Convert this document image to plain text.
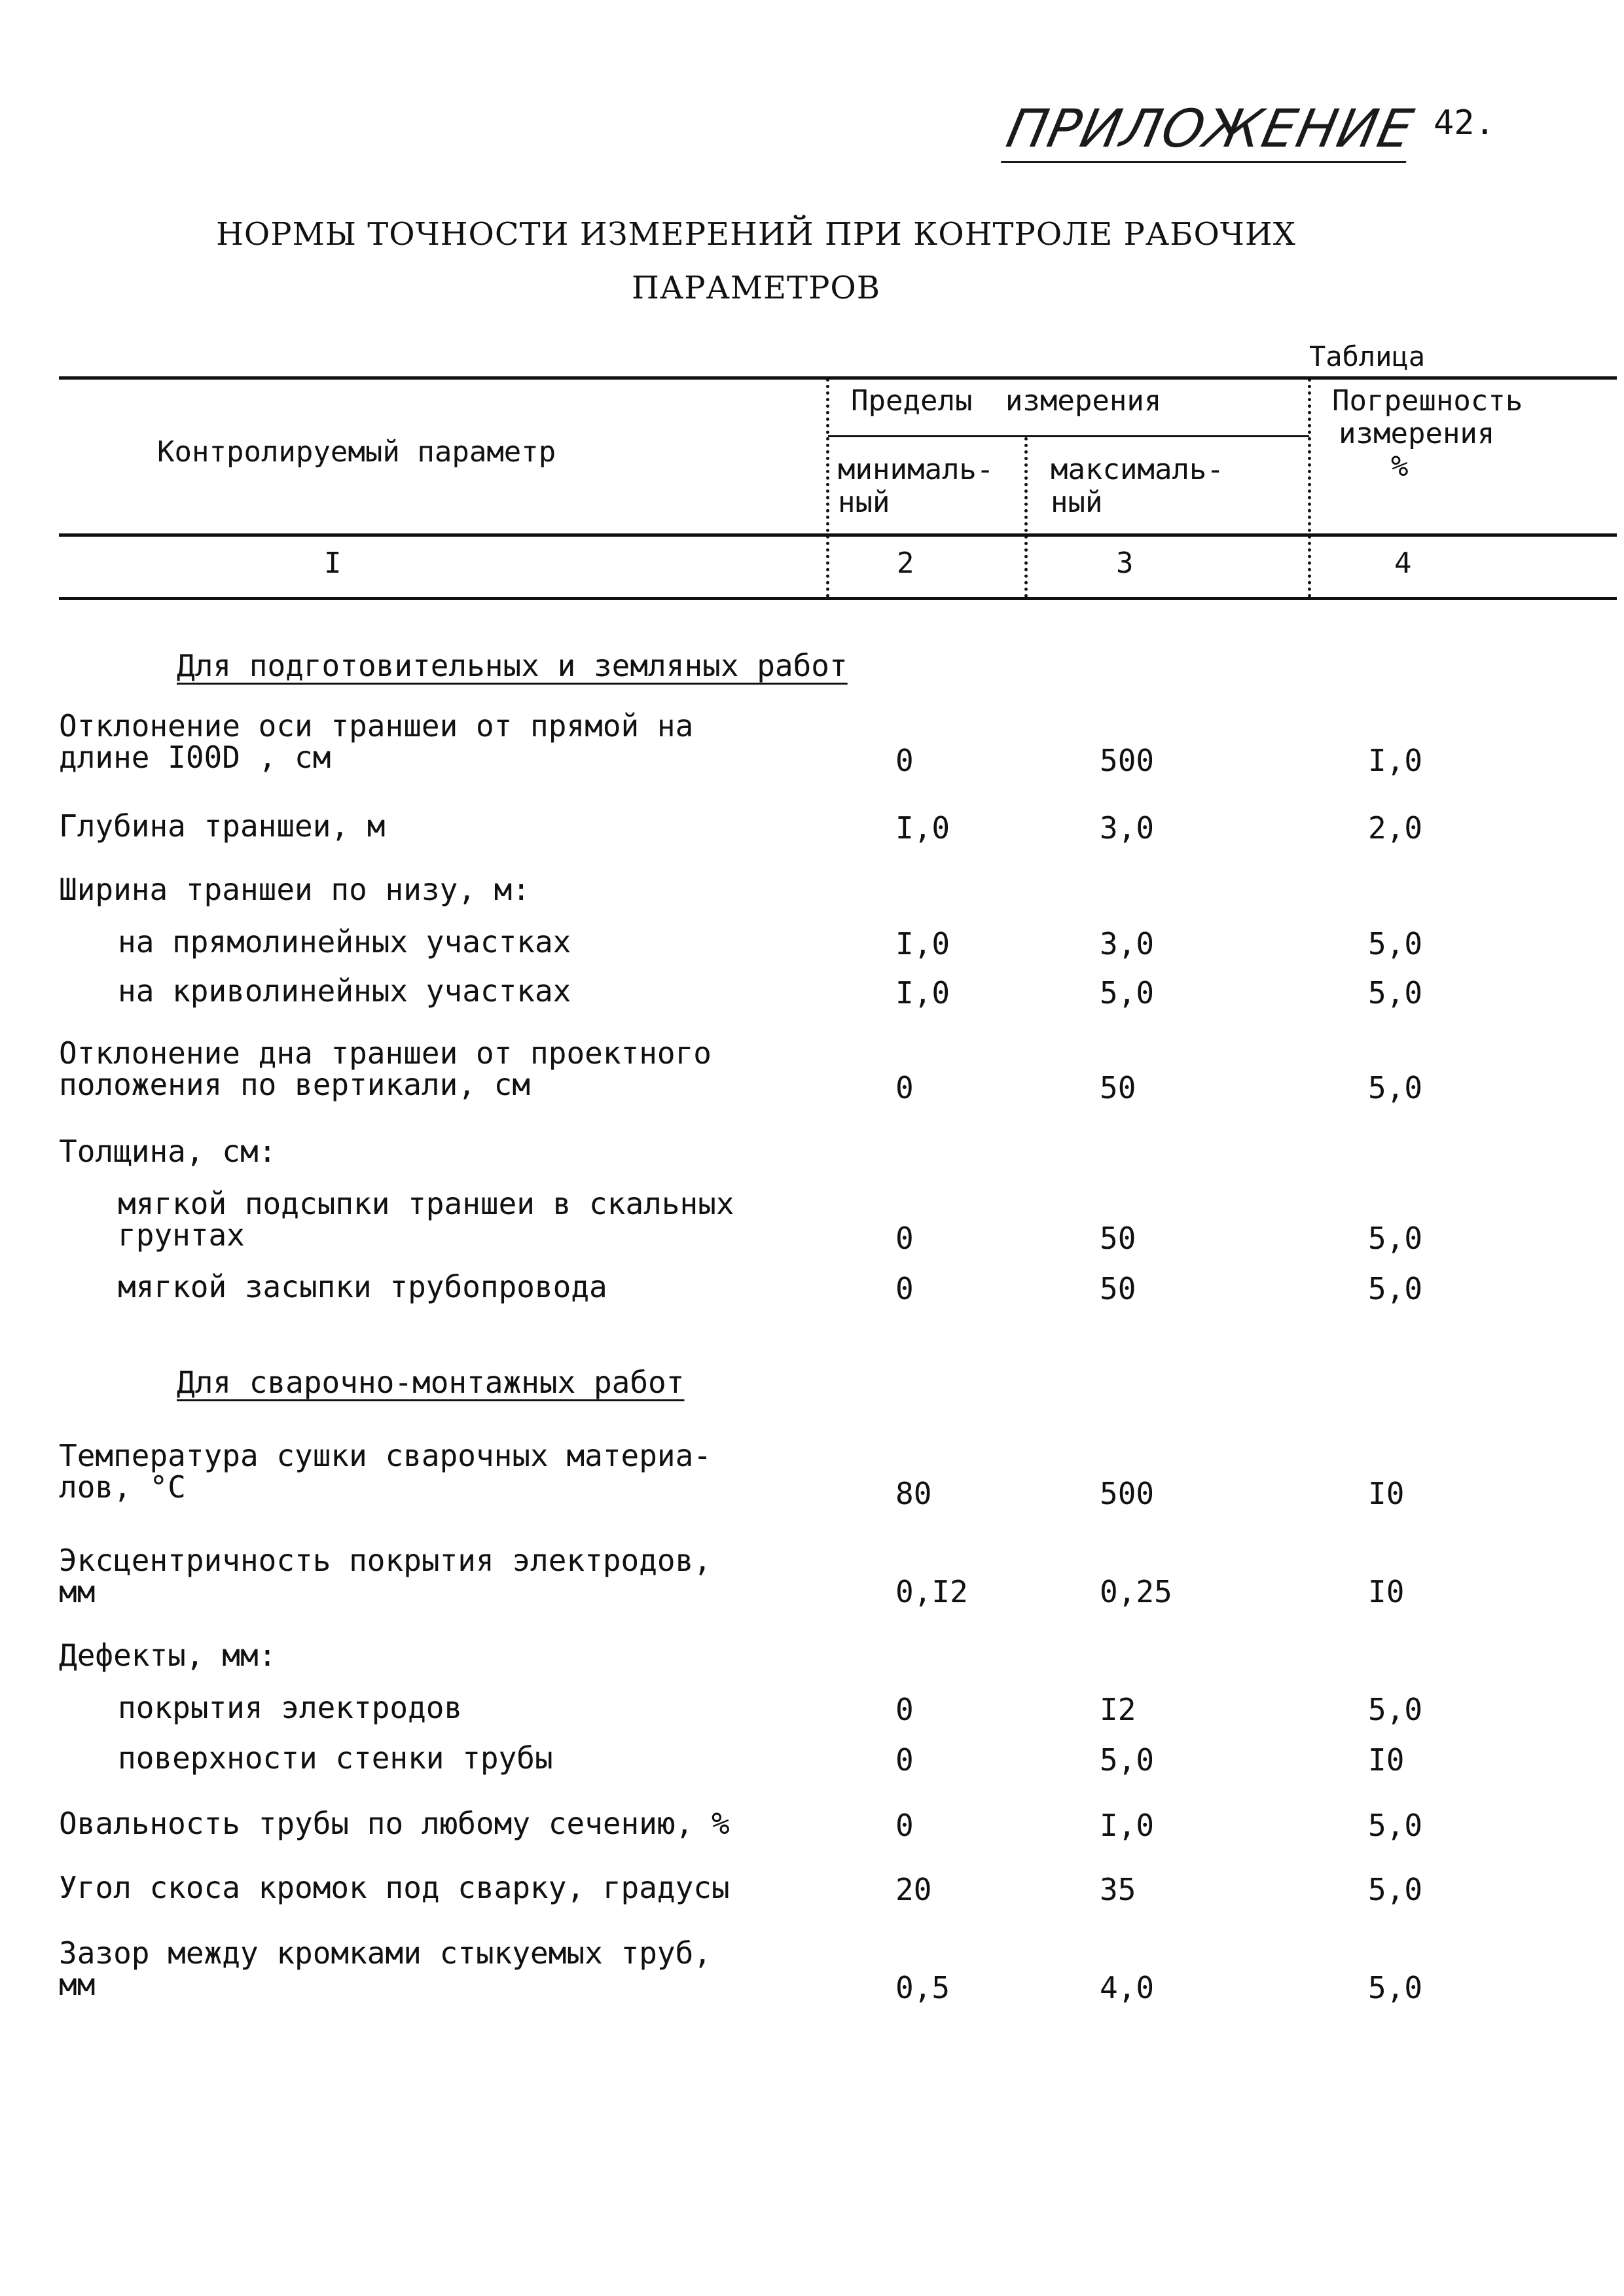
ПРИЛОЖЕНИЕ 42.
НОРМЫ ТОЧНОСТИ ИЗМЕРЕНИЙ ПРИ КОНТРОЛЕ РАБОЧИХ
ПАРАМЕТРОВ
Таблица
Контролируемый параметр
Пределы измерения
минималь-
ный
максималь-
ный
Погрешность
измерения
%
I	2	3	4
Для подготовительных и земляных работ
Отклонение оси траншеи от прямой на
длине I00D , см	0	500	I,0
Глубина траншеи, м	I,0	3,0	2,0
Ширина траншеи по низу, м:
на прямолинейных участках	I,0	3,0	5,0
на криволинейных участках	I,0	5,0	5,0
Отклонение дна траншеи от проектного
положения по вертикали, см	0	50	5,0
Толщина, см:
мягкой подсыпки траншеи в скальных
грунтах	0	50	5,0
мягкой засыпки трубопровода	0	50	5,0
Для сварочно-монтажных работ
Температура сушки сварочных материа-
лов, °С	80	500	I0
Эксцентричность покрытия электродов,
мм	0,I2	0,25	I0
Дефекты, мм:
покрытия электродов	0	I2	5,0
поверхности стенки трубы	0	5,0	I0
Овальность трубы по любому сечению, %	0	I,0	5,0
Угол скоса кромок под сварку, градусы	20	35	5,0
Зазор между кромками стыкуемых труб,
мм	0,5	4,0	5,0
